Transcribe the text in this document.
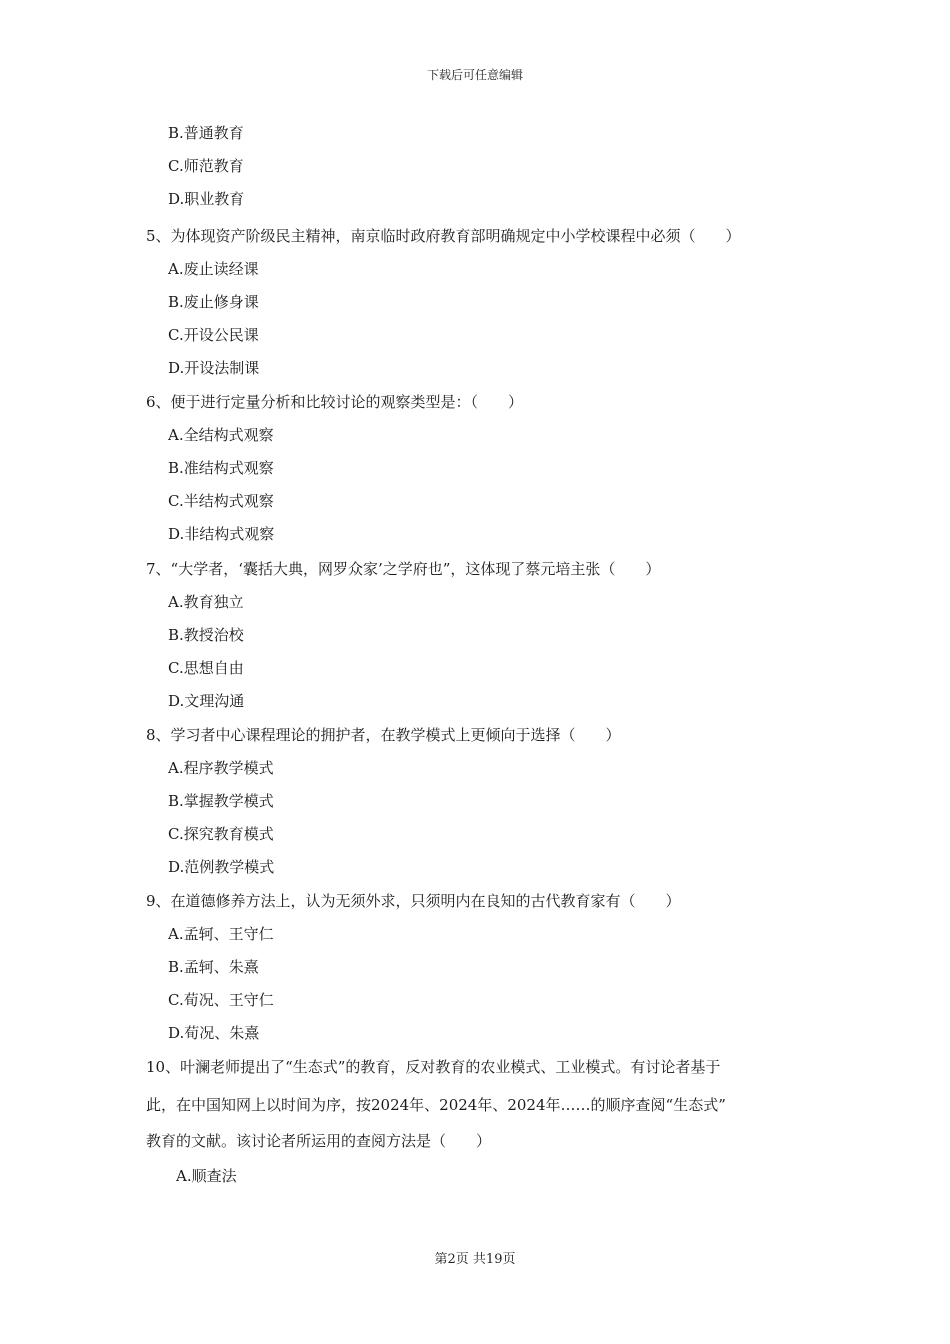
下载后可任意编辑
B.普通教育
C.师范教育
D.职业教育
5、为体现资产阶级民主精神，南京临时政府教育部明确规定中小学校课程中必须（　　）
A.废止读经课
B.废止修身课
C.开设公民课
D.开设法制课
6、便于进行定量分析和比较讨论的观察类型是：（　　）
A.全结构式观察
B.准结构式观察
C.半结构式观察
D.非结构式观察
7、“大学者，‘囊括大典，网罗众家’之学府也”，这体现了蔡元培主张（　　）
A.教育独立
B.教授治校
C.思想自由
D.文理沟通
8、学习者中心课程理论的拥护者，在教学模式上更倾向于选择（　　）
A.程序教学模式
B.掌握教学模式
C.探究教育模式
D.范例教学模式
9、在道德修养方法上，认为无须外求，只须明内在良知的古代教育家有（　　）
A.孟轲、王守仁
B.孟轲、朱熹
C.荀况、王守仁
D.荀况、朱熹
10、叶澜老师提出了“生态式”的教育，反对教育的农业模式、工业模式。有讨论者基于
此，在中国知网上以时间为序，按2024年、2024年、2024年……的顺序查阅“生态式”
教育的文献。该讨论者所运用的查阅方法是（　　）
A.顺查法
第2页 共19页
